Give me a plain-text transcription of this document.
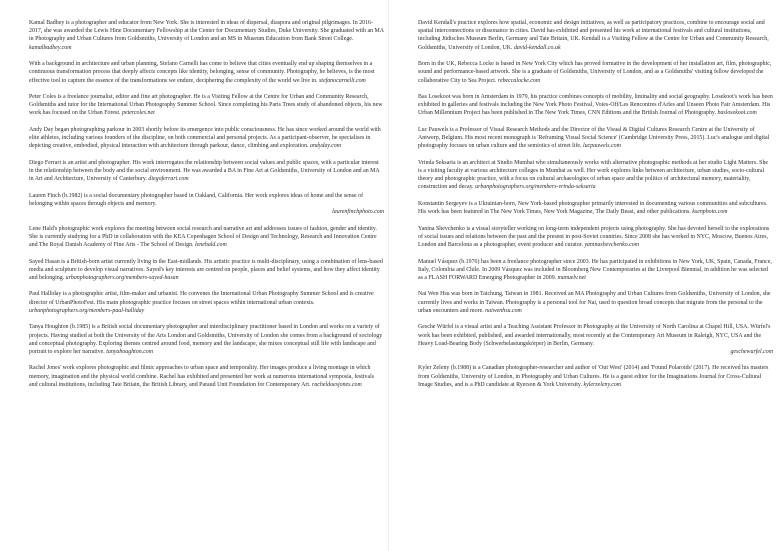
Kamal Badhey is a photographer and educator from New York. She is interested in ideas of dispersal, diaspora and original pilgrimages. In 2016-2017, she was awarded the Lewis Hine Documentary Fellowship at the Center for Documentary Studies, Duke University. She graduated with an MA in Photography and Urban Cultures from Goldsmiths, University of London and an MS in Museum Education from Bank Street College. kamalbadhey.com

With a background in architecture and urban planning, Stefano Carnelli has come to believe that cities eventually end up shaping themselves in a continuous transformation process that deeply affects concepts like identity, belonging, sense of community. Photography, he believes, is the most effective tool to capture the essence of the transformations we endure, deciphering the complexity of the world we live in. stefanocarnelli.com

Peter Coles is a freelance journalist, editor and fine art photographer. He is a Visiting Fellow at the Centre for Urban and Community Research, Goldsmiths and tutor for the International Urban Photography Summer School. Since completing his Paris Trees study of abandoned objects, his new work has focused on the Urban Forest. petercoles.net

Andy Day began photographing parkour in 2003 shortly before its emergence into public consciousness. He has since worked around the world with elite athletes, including various founders of the discipline, on both commercial and personal projects. As a participant-observer, he specialises in depicting creative, embodied, physical interaction with architecture through parkour, dance, climbing and exploration. andyday.com

Diego Ferrari is an artist and photographer. His work interrogates the relationship between social values and public spaces, with a particular interest in the relationship between the body and the social environment. He was awarded a BA in Fine Art at Goldsmiths, University of London and an MA in Art and Architecture, University of Canterbury. diegoferrari.com

Lauren Finch (b.1982) is a social documentary photographer based in Oakland, California. Her work explores ideas of home and the sense of belonging within spaces through objects and memory.
laurenfinchphoto.com

Lene Hald's photographic work explores the meeting between social research and narrative art and addresses issues of fashion, gender and identity. She is currently studying for a PhD in collaboration with the KEA Copenhagen School of Design and Technology, Research and Innovation Centre and The Royal Danish Academy of Fine Arts - The School of Design. lenehald.com

Sayed Hasan is a British-born artist currently living in the East-midlands. His artistic practice is multi-disciplinary, using a combination of lens-based media and sculpture to develop visual narratives. Sayed's key interests are centred on people, places and belief systems, and how they affect identity and belonging. urbanphotographers.org/members-sayed-hasan

Paul Halliday is a photographic artist, film-maker and urbanist. He convenes the International Urban Photography Summer School and is creative director of UrbanPhotoFest. His main photographic practice focuses on street spaces within international urban contexts. urbanphotographers.org/members-paul-halliday

Tanya Houghton (b.1985) is a British social documentary photographer and interdisciplinary practitioner based in London and works on a variety of projects. Having studied at both the University of the Arts London and Goldsmiths, University of London she comes from a background of sociology and conceptual photography. Exploring themes centred around food, memory and the landscape, she mixes conceptual still life with landscape and portrait to explore her narrative. tanyahoughton.com

Rachel Jones' work explores photographic and filmic approaches to urban space and temporality. Her images produce a living montage in which memory, imagination and the physical world combine. Rachel has exhibited and presented her work at numerous international symposia, festivals and cultural institutions, including Tate Britain, the British Library, and Paraud Unit Foundation for Contemporary Art. racheldoesjones.com

David Kendall's practice explores how spatial, economic and design initiatives, as well as participatory practices, combine to encourage social and spatial interconnections or dissonance in cities. David has exhibited and presented his work at international festivals and cultural institutions, including Jüdisches Museum Berlin, Germany and Tate Britain, UK. Kendall is a Visiting Fellow at the Centre for Urban and Community Research, Goldsmiths, University of London, UK. david-kendall.co.uk

Born in the UK, Rebecca Locke is based in New York City which has proved formative in the development of her installation art, film, photographic, sound and performance-based artwork. She is a graduate of Goldsmiths, University of London, and as a Goldsmiths' visiting fellow developed the collaborative City to Sea Project. rebeccalocke.com

Bas Losekoot was born in Amsterdam in 1979, his practice combines concepts of mobility, liminality and social geography. Losekoot's work has been exhibited in galleries and festivals including the New York Photo Festival, Voies-Off/Les Rencontres d'Arles and Unseen Photo Fair Amsterdam. His Urban Millennium Project has been published in The New York Times, CNN Editions and the British Journal of Photography. baslosekoot.com

Luc Pauwels is a Professor of Visual Research Methods and the Director of the Visual & Digital Cultures Research Centre at the University of Antwerp, Belgium. His most recent monograph is 'Reframing Visual Social Science' (Cambridge University Press, 2015). Luc's analogue and digital photography focuses on urban culture and the semiotics of street life. lucpauwels.com

Vrinda Seksaria is an architect at Studio Mumbai who simultaneously works with alternative photographic methods at her studio Light Matters. She is a visiting faculty at various architecture colleges in Mumbai as well. Her work explores links between architecture, urban studies, socio-cultural theory and photographic practice, with a focus on cultural archaeologies of urban space and the politics of architectural memory, materiality, construction and decay. urbanphotographers.org/members-vrinda-seksaria

Konstantin Sergeyev is a Ukrainian-born, New York-based photographer primarily interested in documenting various communities and subcultures. His work has been featured in The New York Times, New York Magazine, The Daily Beast, and other publications. ksenphoto.com

Yanina Shevchenko is a visual storyteller working on long-term independent projects using photography. She has devoted herself to the explorations of social issues and relations between the past and the present in post-Soviet countries. Since 2008 she has worked in NYC, Moscow, Buenos Aires, London and Barcelona as a photographer, event producer and curator. yaninashevchenko.com

Manuel Vásquez (b.1976) has been a freelance photographer since 2003. He has participated in exhibitions in New York, UK, Spain, Canada, France, Italy, Colombia and Chile. In 2009 Vásquez was included in Bloomberg New Contemporaries at the Liverpool Biennial, in addition he was selected as a FLASH FORWARD Emerging Photographer in 2009. manuelv.net

Nai Wen Hsu was born in Taichung, Taiwan in 1981. Received an MA Photography and Urban Cultures from Goldsmiths, University of London, she currently lives and works in Taiwan. Photography is a personal tool for Nai, used to question broad concepts that migrate from the personal to the urban encounters and more. naiwenhsu.com

Gesche Würfel is a visual artist and a Teaching Assistant Professor in Photography at the University of North Carolina at Chapel Hill, USA. Würfel's work has been exhibited, published, and awarded internationally, most recently at the Contemporary Art Museum in Raleigh, NYC, USA and the Heavy Load-Bearing Body (Schwerbelastungskörper) in Berlin, Germany.
geschewurfel.com

Kyler Zeleny (b.1988) is a Canadian photographer-researcher and author of 'Out West' (2014) and 'Found Polaroids' (2017). He received his masters from Goldsmiths, University of London, in Photography and Urban Cultures. He is a guest editor for the Imaginations Journal for Cross-Cultural Image Studies, and is a PhD candidate at Ryerson & York University. kylerzeleny.com
